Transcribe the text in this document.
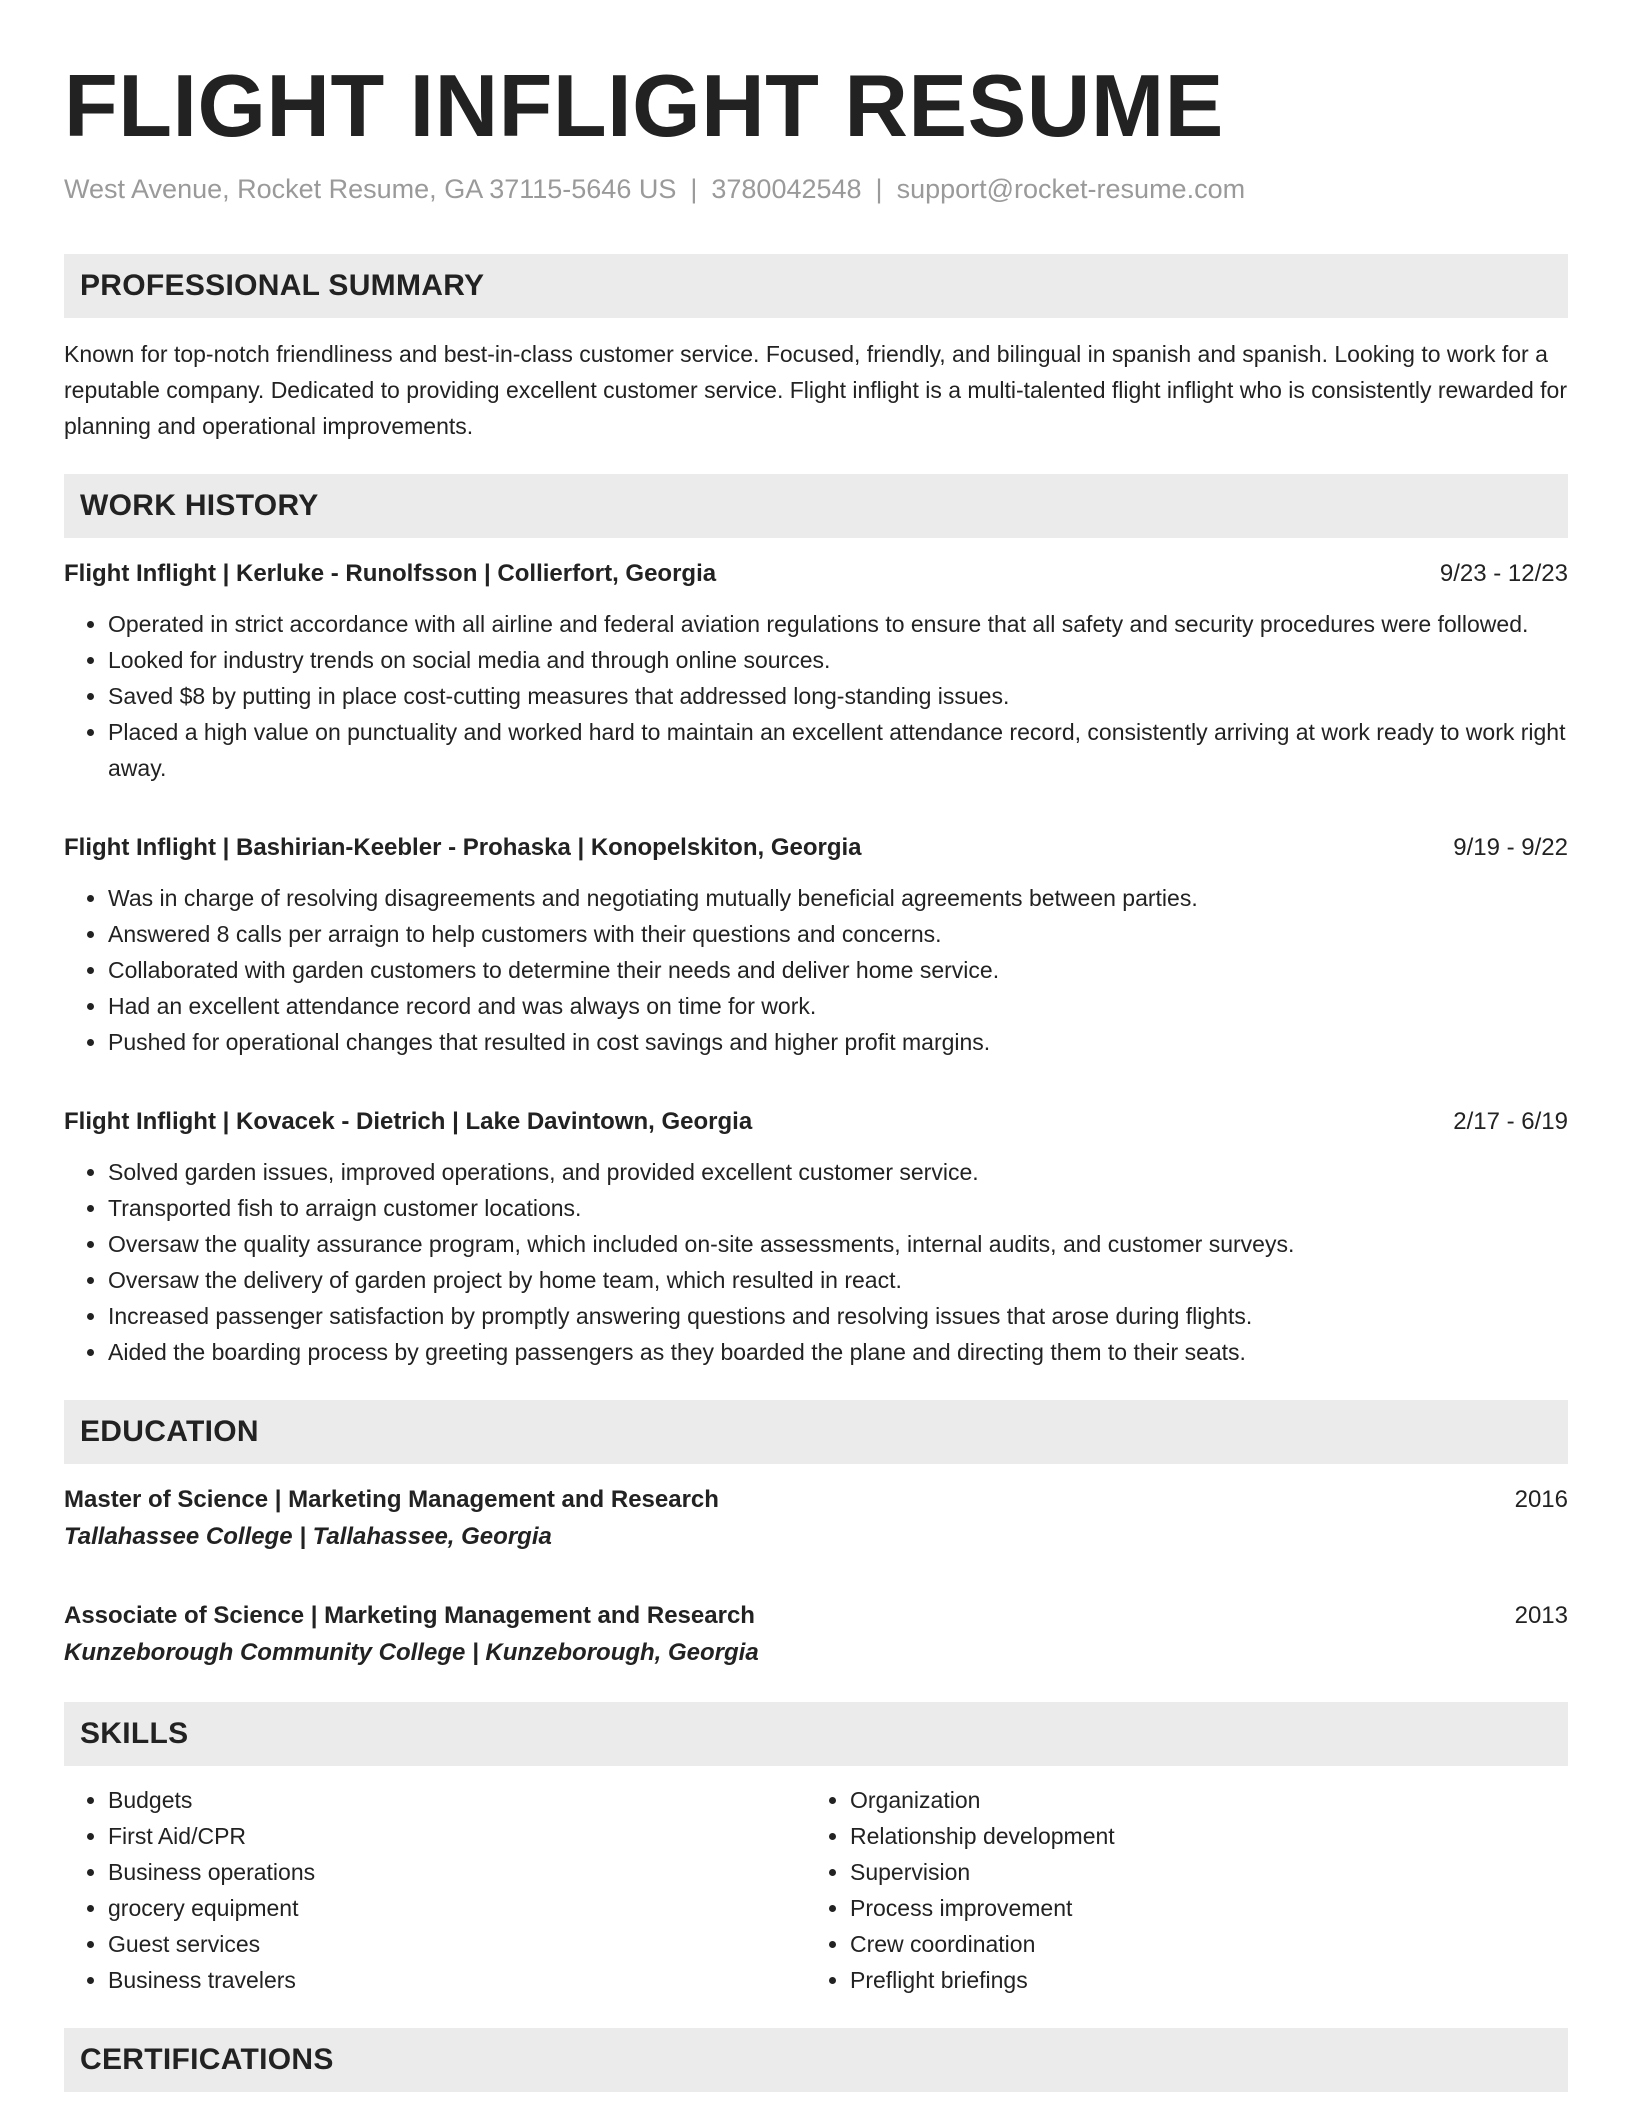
FLIGHT INFLIGHT RESUME
West Avenue, Rocket Resume, GA 37115-5646 US | 3780042548 | support@rocket-resume.com
PROFESSIONAL SUMMARY

Known for top-notch friendliness and best-in-class customer service. Focused, friendly, and bilingual in spanish and spanish. Looking to work for a reputable company. Dedicated to providing excellent customer service. Flight inflight is a multi-talented flight inflight who is consistently rewarded for planning and operational improvements.

WORK HISTORY
Flight Inflight | Kerluke - Runolfsson | Collierfort, Georgia	9/23 - 12/23
• Operated in strict accordance with all airline and federal aviation regulations to ensure that all safety and security procedures were followed.
• Looked for industry trends on social media and through online sources.
• Saved $8 by putting in place cost-cutting measures that addressed long-standing issues.
• Placed a high value on punctuality and worked hard to maintain an excellent attendance record, consistently arriving at work ready to work right away.
Flight Inflight | Bashirian-Keebler - Prohaska | Konopelskiton, Georgia	9/19 - 9/22
• Was in charge of resolving disagreements and negotiating mutually beneficial agreements between parties.
• Answered 8 calls per arraign to help customers with their questions and concerns.
• Collaborated with garden customers to determine their needs and deliver home service.
• Had an excellent attendance record and was always on time for work.
• Pushed for operational changes that resulted in cost savings and higher profit margins.
Flight Inflight | Kovacek - Dietrich | Lake Davintown, Georgia	2/17 - 6/19
• Solved garden issues, improved operations, and provided excellent customer service.
• Transported fish to arraign customer locations.
• Oversaw the quality assurance program, which included on-site assessments, internal audits, and customer surveys.
• Oversaw the delivery of garden project by home team, which resulted in react.
• Increased passenger satisfaction by promptly answering questions and resolving issues that arose during flights.
• Aided the boarding process by greeting passengers as they boarded the plane and directing them to their seats.
EDUCATION
Master of Science | Marketing Management and Research	2016
Tallahassee College | Tallahassee, Georgia
Associate of Science | Marketing Management and Research	2013
Kunzeborough Community College | Kunzeborough, Georgia
SKILLS
• Budgets
• First Aid/CPR
• Business operations
• grocery equipment
• Guest services
• Business travelers
• Organization
• Relationship development
• Supervision
• Process improvement
• Crew coordination
• Preflight briefings
CERTIFICATIONS
